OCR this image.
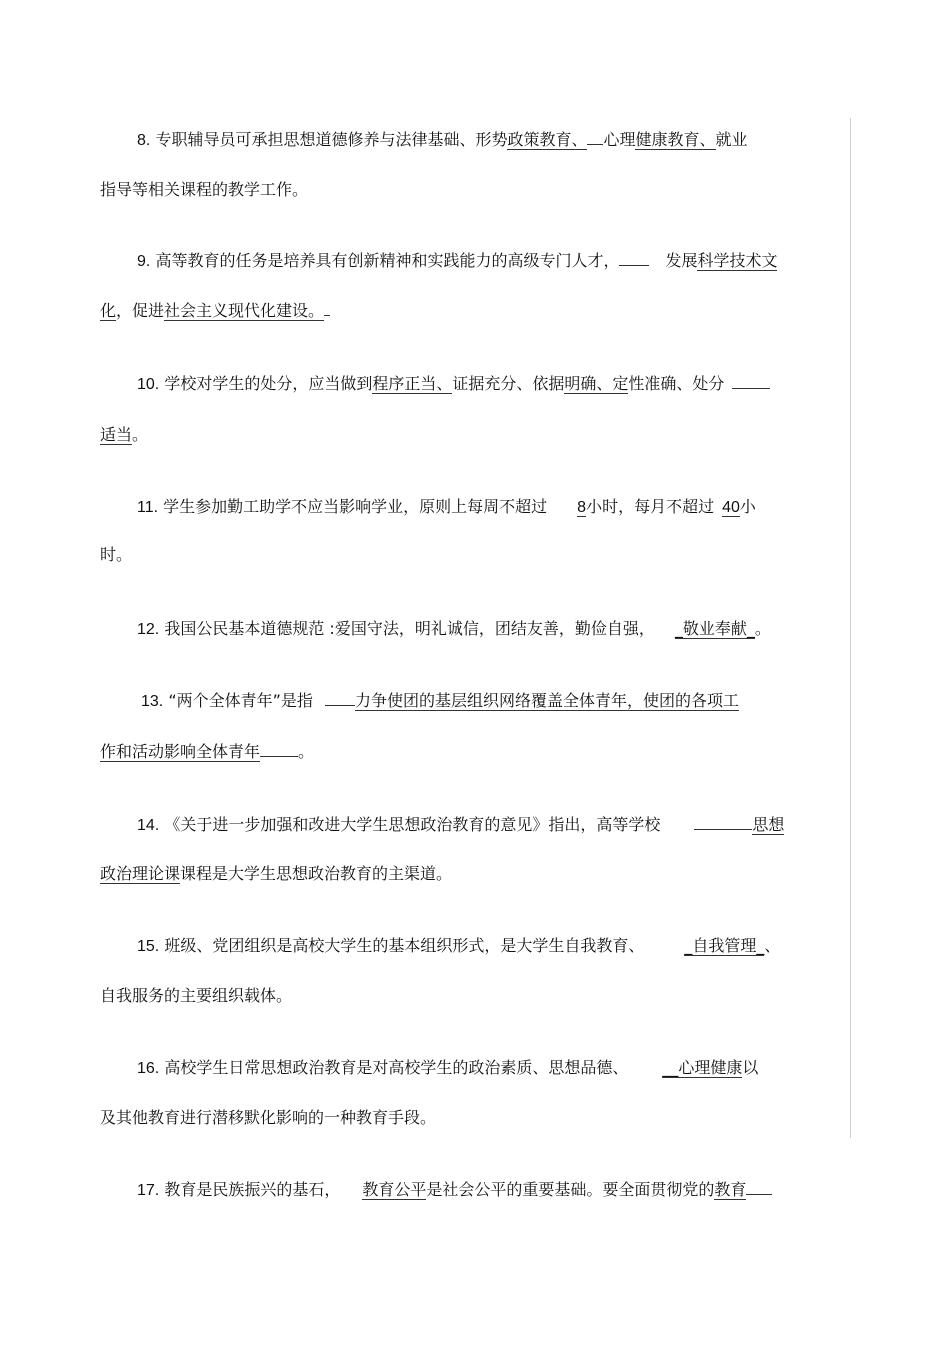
8. 专职辅导员可承担思想道德修养与法律基础、形势政策教育、 心理健康教育、就业
指导等相关课程的教学工作。
9. 高等教育的任务是培养具有创新精神和实践能力的高级专门人才，	发展科学技术文
化，促进社会主义现代化建设。
10. 学校对学生的处分，应当做到程序正当、证据充分、依据明确、定性准确、处分
适当。
11. 学生参加勤工助学不应当影响学业，原则上每周不超过 8小时，每月不超过 40小
时。
12. 我国公民基本道德规范 :爱国守法，明礼诚信，团结友善，勤俭自强， _敬业奉献_。
13. “两个全体青年”是指	力争使团的基层组织网络覆盖全体青年，使团的各项工
作和活动影响全体青年 。
14. 《关于进一步加强和改进大学生思想政治教育的意见》指出，高等学校	思想
政治理论课课程是大学生思想政治教育的主渠道。
15. 班级、党团组织是高校大学生的基本组织形式，是大学生自我教育、	_自我管理_、
自我服务的主要组织载体。
16. 高校学生日常思想政治教育是对高校学生的政治素质、思想品德、 __心理健康以
及其他教育进行潜移默化影响的一种教育手段。
17. 教育是民族振兴的基石， 教育公平是社会公平的重要基础。要全面贯彻党的教育
